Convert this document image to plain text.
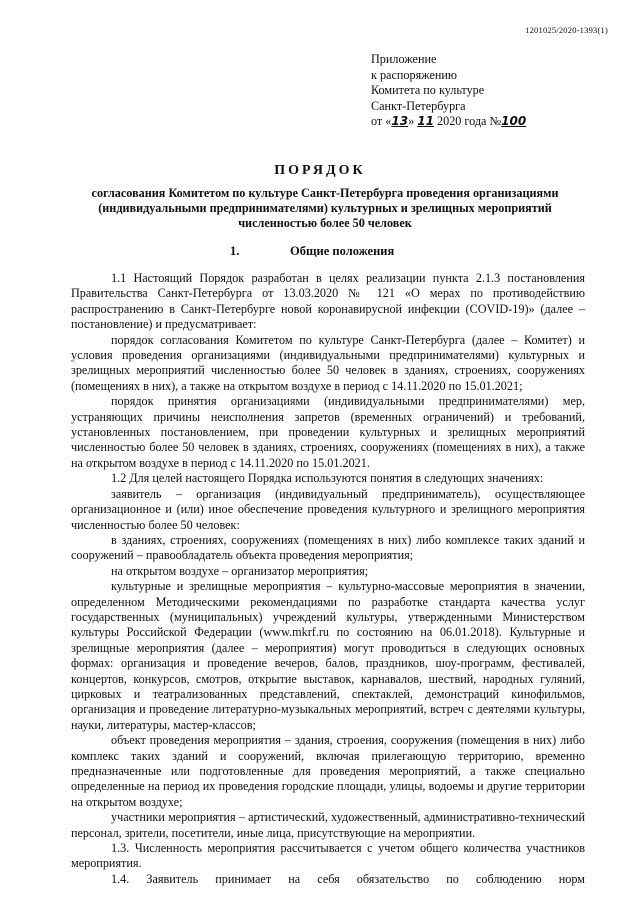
1201025/2020-1393(1)
Приложение
к распоряжению
Комитета по культуре
Санкт-Петербурга
от «13» 11 2020 года №100
ПОРЯДОК
согласования Комитетом по культуре Санкт-Петербурга проведения организациями (индивидуальными предпринимателями) культурных и зрелищных мероприятий численностью более 50 человек
1.	Общие положения

1.1 Настоящий Порядок разработан в целях реализации пункта 2.1.3 постановления Правительства Санкт-Петербурга от 13.03.2020 № 121 «О мерах по противодействию распространению в Санкт-Петербурге новой коронавирусной инфекции (COVID-19)» (далее – постановление) и предусматривает:

порядок согласования Комитетом по культуре Санкт-Петербурга (далее – Комитет) и условия проведения организациями (индивидуальными предпринимателями) культурных и зрелищных мероприятий численностью более 50 человек в зданиях, строениях, сооружениях (помещениях в них), а также на открытом воздухе в период с 14.11.2020 по 15.01.2021;

порядок принятия организациями (индивидуальными предпринимателями) мер, устраняющих причины неисполнения запретов (временных ограничений) и требований, установленных постановлением, при проведении культурных и зрелищных мероприятий численностью более 50 человек в зданиях, строениях, сооружениях (помещениях в них), а также на открытом воздухе в период с 14.11.2020 по 15.01.2021.

1.2 Для целей настоящего Порядка используются понятия в следующих значениях:

заявитель – организация (индивидуальный предприниматель), осуществляющее организационное и (или) иное обеспечение проведения культурного и зрелищного мероприятия численностью более 50 человек:

в зданиях, строениях, сооружениях (помещениях в них) либо комплексе таких зданий и сооружений – правообладатель объекта проведения мероприятия;

на открытом воздухе – организатор мероприятия;

культурные и зрелищные мероприятия – культурно-массовые мероприятия в значении, определенном Методическими рекомендациями по разработке стандарта качества услуг государственных (муниципальных) учреждений культуры, утвержденными Министерством культуры Российской Федерации (www.mkrf.ru по состоянию на 06.01.2018). Культурные и зрелищные мероприятия (далее – мероприятия) могут проводиться в следующих основных формах: организация и проведение вечеров, балов, праздников, шоу-программ, фестивалей, концертов, конкурсов, смотров, открытие выставок, карнавалов, шествий, народных гуляний, цирковых и театрализованных представлений, спектаклей, демонстраций кинофильмов, организация и проведение литературно-музыкальных мероприятий, встреч с деятелями культуры, науки, литературы, мастер-классов;

объект проведения мероприятия – здания, строения, сооружения (помещения в них) либо комплекс таких зданий и сооружений, включая прилегающую территорию, временно предназначенные или подготовленные для проведения мероприятий, а также специально определенные на период их проведения городские площади, улицы, водоемы и другие территории на открытом воздухе;

участники мероприятия – артистический, художественный, административно-технический персонал, зрители, посетители, иные лица, присутствующие на мероприятии.

1.3. Численность мероприятия рассчитывается с учетом общего количества участников мероприятия.

1.4. Заявитель принимает на себя обязательство по соблюдению норм
